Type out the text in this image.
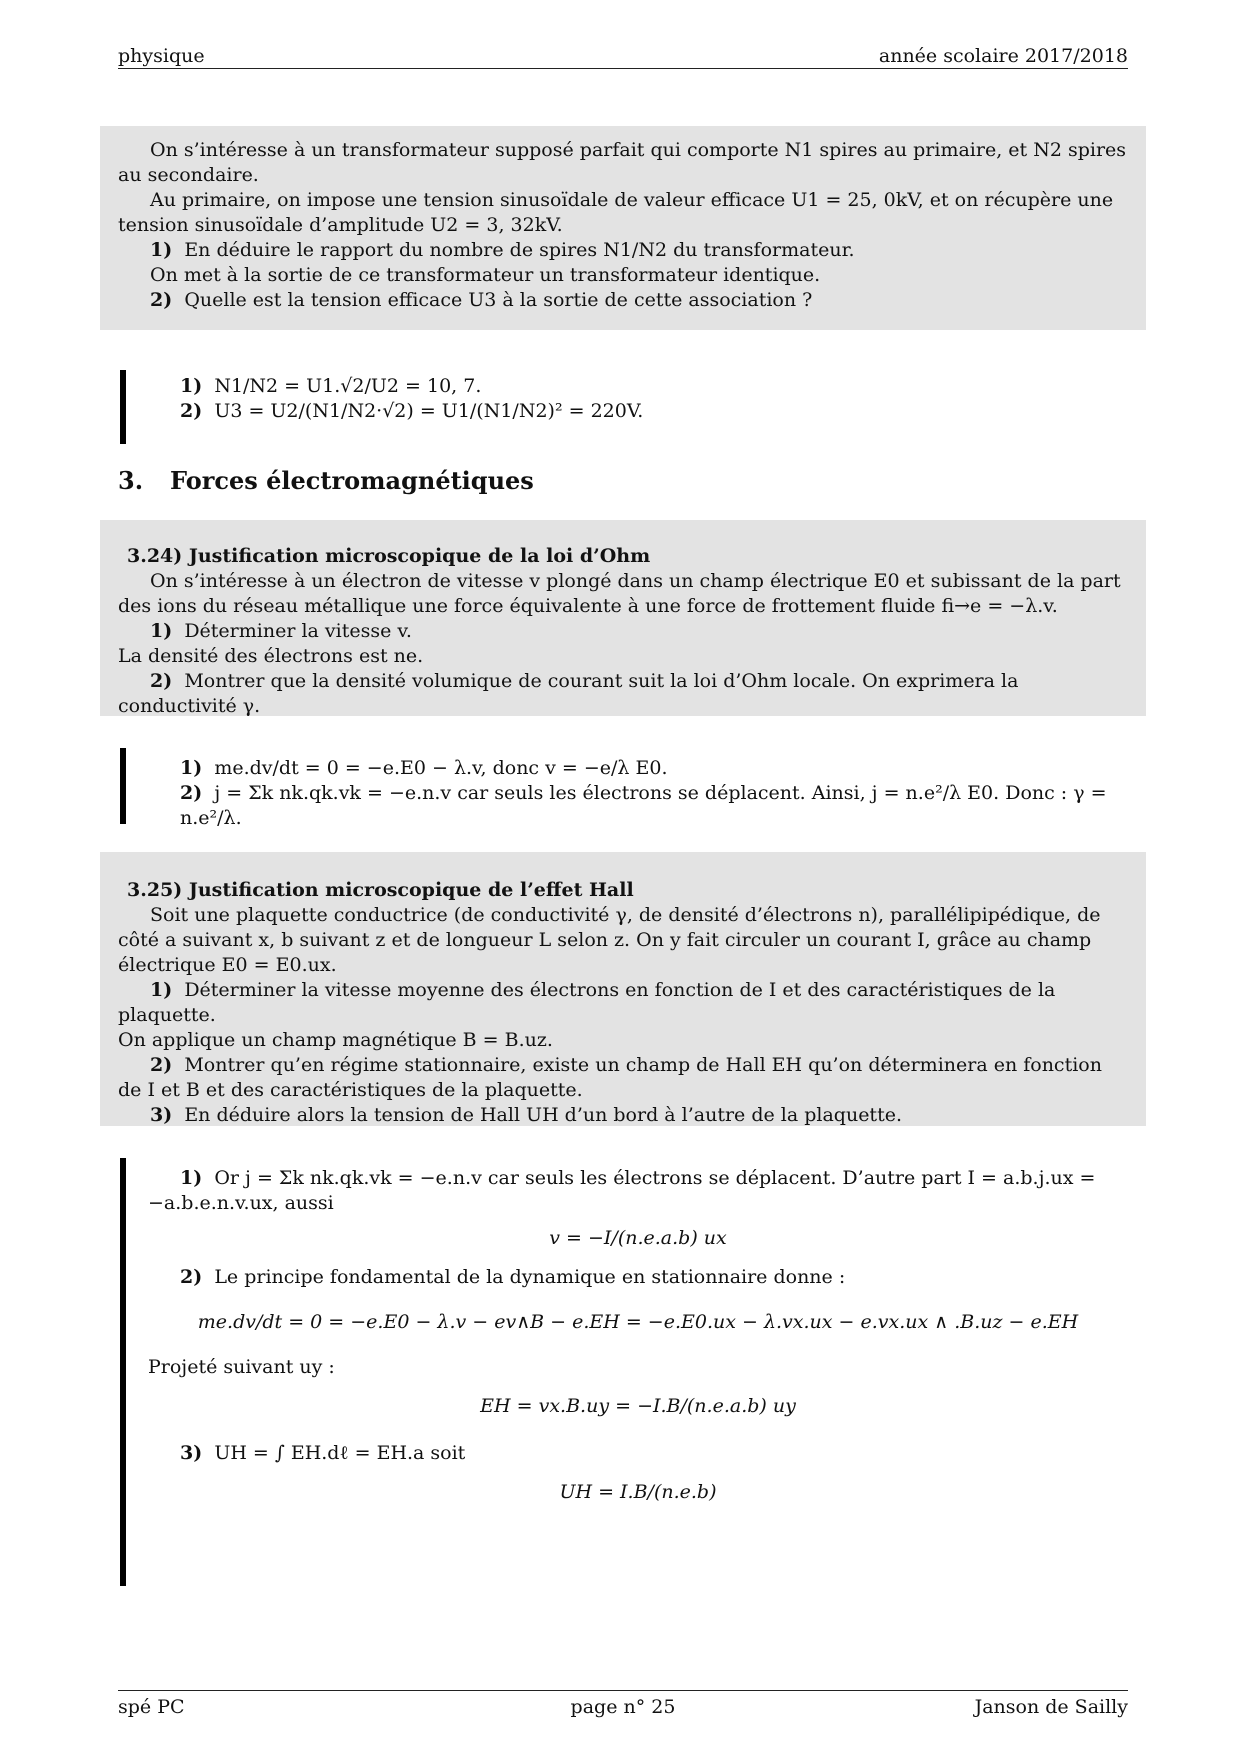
physique	année scolaire 2017/2018

On s’intéresse à un transformateur supposé parfait qui comporte N1 spires au primaire, et N2 spires au secondaire.

Au primaire, on impose une tension sinusoïdale de valeur efficace U1 = 25, 0kV, et on récupère une tension sinusoïdale d’amplitude U2 = 3, 32kV.

1) En déduire le rapport du nombre de spires N1/N2 du transformateur.

On met à la sortie de ce transformateur un transformateur identique.

2) Quelle est la tension efficace U3 à la sortie de cette association ?

1) N1/N2 = U1.√2/U2 = 10, 7.

2) U3 = U2/(N1/N2·√2) = U1/(N1/N2)² = 220V.

3. Forces électromagnétiques

3.24) Justification microscopique de la loi d’Ohm

On s’intéresse à un électron de vitesse v plongé dans un champ électrique E0 et subissant de la part des ions du réseau métallique une force équivalente à une force de frottement fluide fi→e = −λ.v.

1) Déterminer la vitesse v.

La densité des électrons est ne.

2) Montrer que la densité volumique de courant suit la loi d’Ohm locale. On exprimera la conductivité γ.

1) me.dv/dt = 0 = −e.E0 − λ.v, donc v = −e/λ E0.

2) j = Σk nk.qk.vk = −e.n.v car seuls les électrons se déplacent. Ainsi, j = n.e²/λ E0. Donc : γ = n.e²/λ.

3.25) Justification microscopique de l’effet Hall

Soit une plaquette conductrice (de conductivité γ, de densité d’électrons n), parallélipipédique, de côté a suivant x, b suivant z et de longueur L selon z. On y fait circuler un courant I, grâce au champ électrique E0 = E0.ux.

1) Déterminer la vitesse moyenne des électrons en fonction de I et des caractéristiques de la plaquette.

On applique un champ magnétique B = B.uz.

2) Montrer qu’en régime stationnaire, existe un champ de Hall EH qu’on déterminera en fonction de I et B et des caractéristiques de la plaquette.

3) En déduire alors la tension de Hall UH d’un bord à l’autre de la plaquette.

1) Or j = Σk nk.qk.vk = −e.n.v car seuls les électrons se déplacent. D’autre part I = a.b.j.ux = −a.b.e.n.v.ux, aussi

v = −I/(n.e.a.b) ux

2) Le principe fondamental de la dynamique en stationnaire donne :

me.dv/dt = 0 = −e.E0 − λ.v − ev∧B − e.EH = −e.E0.ux − λ.vx.ux − e.vx.ux ∧ .B.uz − e.EH

Projeté suivant uy :

EH = vx.B.uy = −I.B/(n.e.a.b) uy

3) UH = ∫ EH.dℓ = EH.a soit

UH = I.B/(n.e.b)

spé PC	page n° 25	Janson de Sailly
